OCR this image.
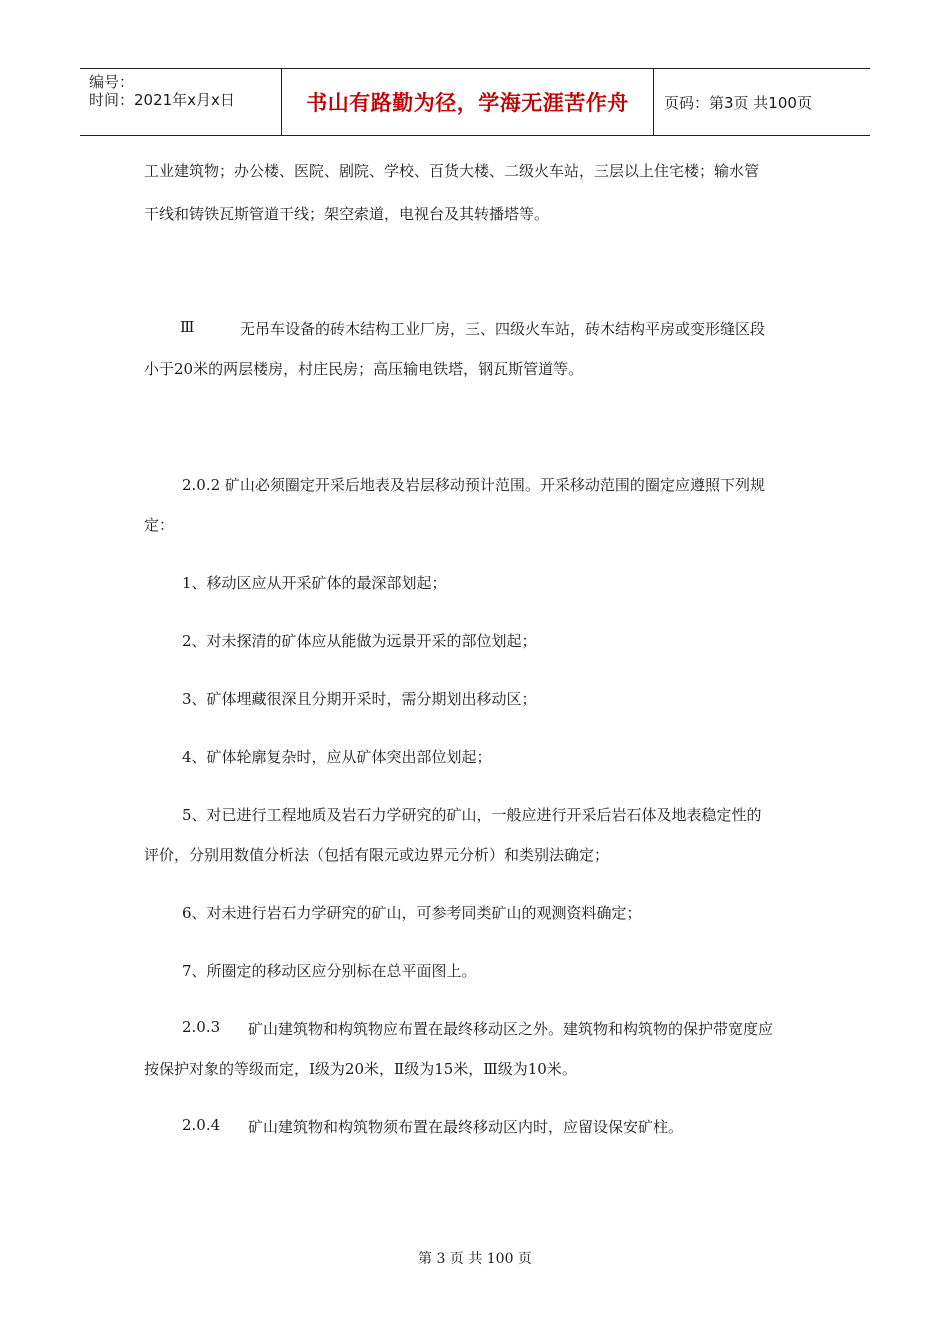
编号：
时间：2021年x月x日	书山有路勤为径，学海无涯苦作舟	页码：第3页 共100页
工业建筑物；办公楼、医院、剧院、学校、百货大楼、二级火车站，三层以上住宅楼；输水管
干线和铸铁瓦斯管道干线；架空索道，电视台及其转播塔等。
Ⅲ	无吊车设备的砖木结构工业厂房，三、四级火车站，砖木结构平房或变形缝区段
小于20米的两层楼房，村庄民房；高压输电铁塔，钢瓦斯管道等。
2.0.2 矿山必须圈定开采后地表及岩层移动预计范围。开采移动范围的圈定应遵照下列规
定：
1、移动区应从开采矿体的最深部划起；
2、对未探清的矿体应从能做为远景开采的部位划起；
3、矿体埋藏很深且分期开采时，需分期划出移动区；
4、矿体轮廓复杂时，应从矿体突出部位划起；
5、对已进行工程地质及岩石力学研究的矿山，一般应进行开采后岩石体及地表稳定性的
评价，分别用数值分析法（包括有限元或边界元分析）和类别法确定；
6、对未进行岩石力学研究的矿山，可参考同类矿山的观测资料确定；
7、所圈定的移动区应分别标在总平面图上。
2.0.3 矿山建筑物和构筑物应布置在最终移动区之外。建筑物和构筑物的保护带宽度应
按保护对象的等级而定，Ⅰ级为20米，Ⅱ级为15米，Ⅲ级为10米。
2.0.4 矿山建筑物和构筑物须布置在最终移动区内时，应留设保安矿柱。
第 3 页 共 100 页
